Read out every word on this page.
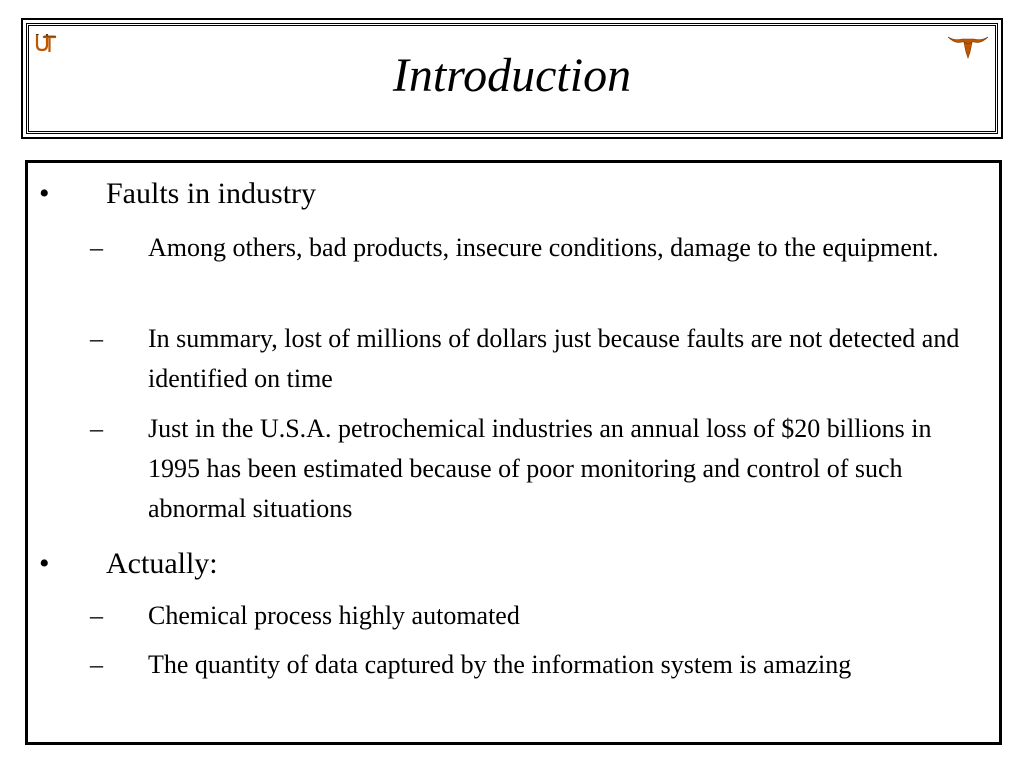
Introduction
• Faults in industry
– Among others, bad products, insecure conditions, damage to the equipment.
– In summary, lost of millions of dollars just because faults are not detected and identified on time
– Just in the U.S.A. petrochemical industries an annual loss of $20 billions in 1995 has been estimated because of poor monitoring and control of such abnormal situations
• Actually:
– Chemical process highly automated
– The quantity of data captured by the information system is amazing
